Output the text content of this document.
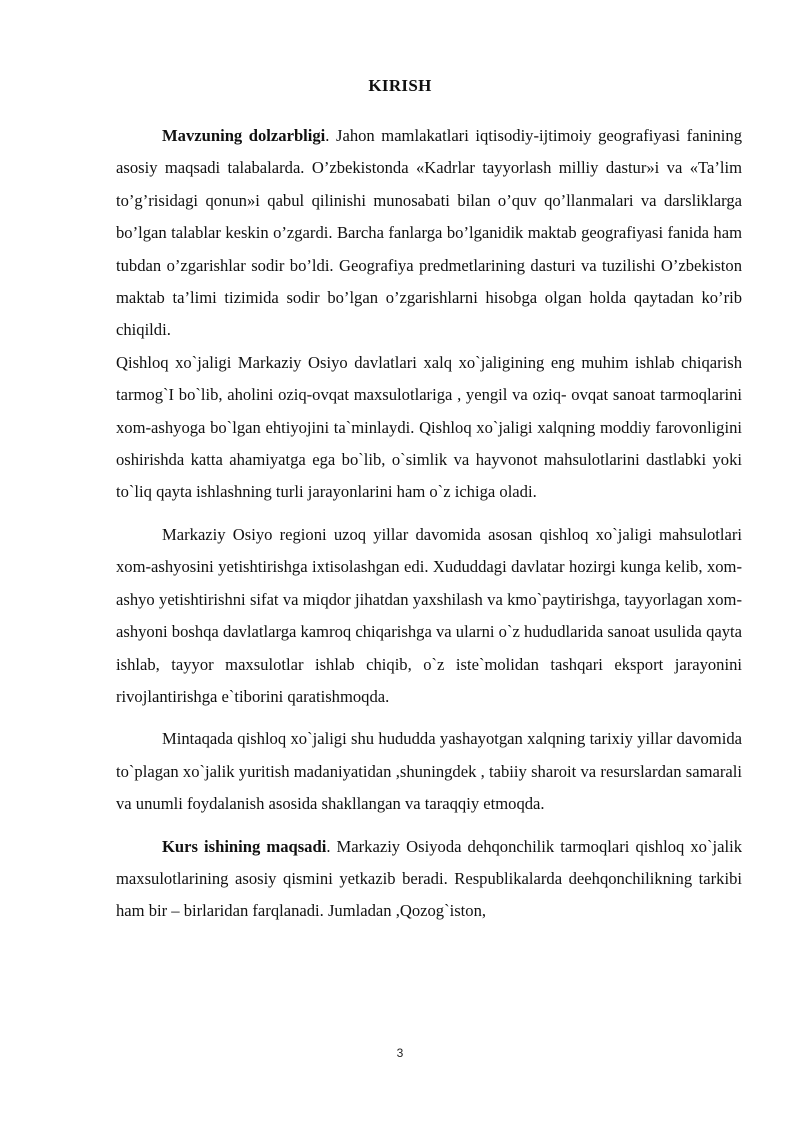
KIRISH

Mavzuning dolzarbligi. Jahon mamlakatlari iqtisodiy-ijtimoiy geografiyasi fanining asosiy maqsadi talabalarda. O’zbekistonda «Kadrlar tayyorlash milliy dastur»i va «Ta’lim to’g’risidagi qonun»i qabul qilinishi munosabati bilan o’quv qo’llanmalari va darsliklarga bo’lgan talablar keskin o’zgardi. Barcha fanlarga bo’lganidik maktab geografiyasi fanida ham tubdan o’zgarishlar sodir bo’ldi. Geografiya predmetlarining dasturi va tuzilishi O’zbekiston maktab ta’limi tizimida sodir bo’lgan o’zgarishlarni hisobga olgan holda qaytadan ko’rib chiqildi.

Qishloq xo`jaligi Markaziy Osiyo davlatlari xalq xo`jaligining eng muhim ishlab chiqarish tarmog`I bo`lib, aholini oziq-ovqat maxsulotlariga , yengil va oziq- ovqat sanoat tarmoqlarini xom-ashyoga bo`lgan ehtiyojini ta`minlaydi. Qishloq xo`jaligi xalqning moddiy farovonligini oshirishda katta ahamiyatga ega bo`lib, o`simlik va hayvonot mahsulotlarini dastlabki yoki to`liq qayta ishlashning turli jarayonlarini ham o`z ichiga oladi.

Markaziy Osiyo regioni uzoq yillar davomida asosan qishloq xo`jaligi mahsulotlari xom-ashyosini yetishtirishga ixtisolashgan edi. Xududdagi davlatar hozirgi kunga kelib, xom- ashyo yetishtirishni sifat va miqdor jihatdan yaxshilash va kmo`paytirishga, tayyorlagan xom-ashyoni boshqa davlatlarga kamroq chiqarishga va ularni o`z hududlarida sanoat usulida qayta ishlab, tayyor maxsulotlar ishlab chiqib, o`z iste`molidan tashqari eksport jarayonini rivojlantirishga e`tiborini qaratishmoqda.

Mintaqada qishloq xo`jaligi shu hududda yashayotgan xalqning tarixiy yillar davomida to`plagan xo`jalik yuritish madaniyatidan ,shuningdek , tabiiy sharoit va resurslardan samarali va unumli foydalanish asosida shakllangan va taraqqiy etmoqda.

Kurs ishining maqsadi. Markaziy Osiyoda dehqonchilik tarmoqlari qishloq xo`jalik maxsulotlarining asosiy qismini yetkazib beradi. Respublikalarda deehqonchilikning tarkibi ham bir – birlaridan farqlanadi. Jumladan ,Qozog`iston,

3
